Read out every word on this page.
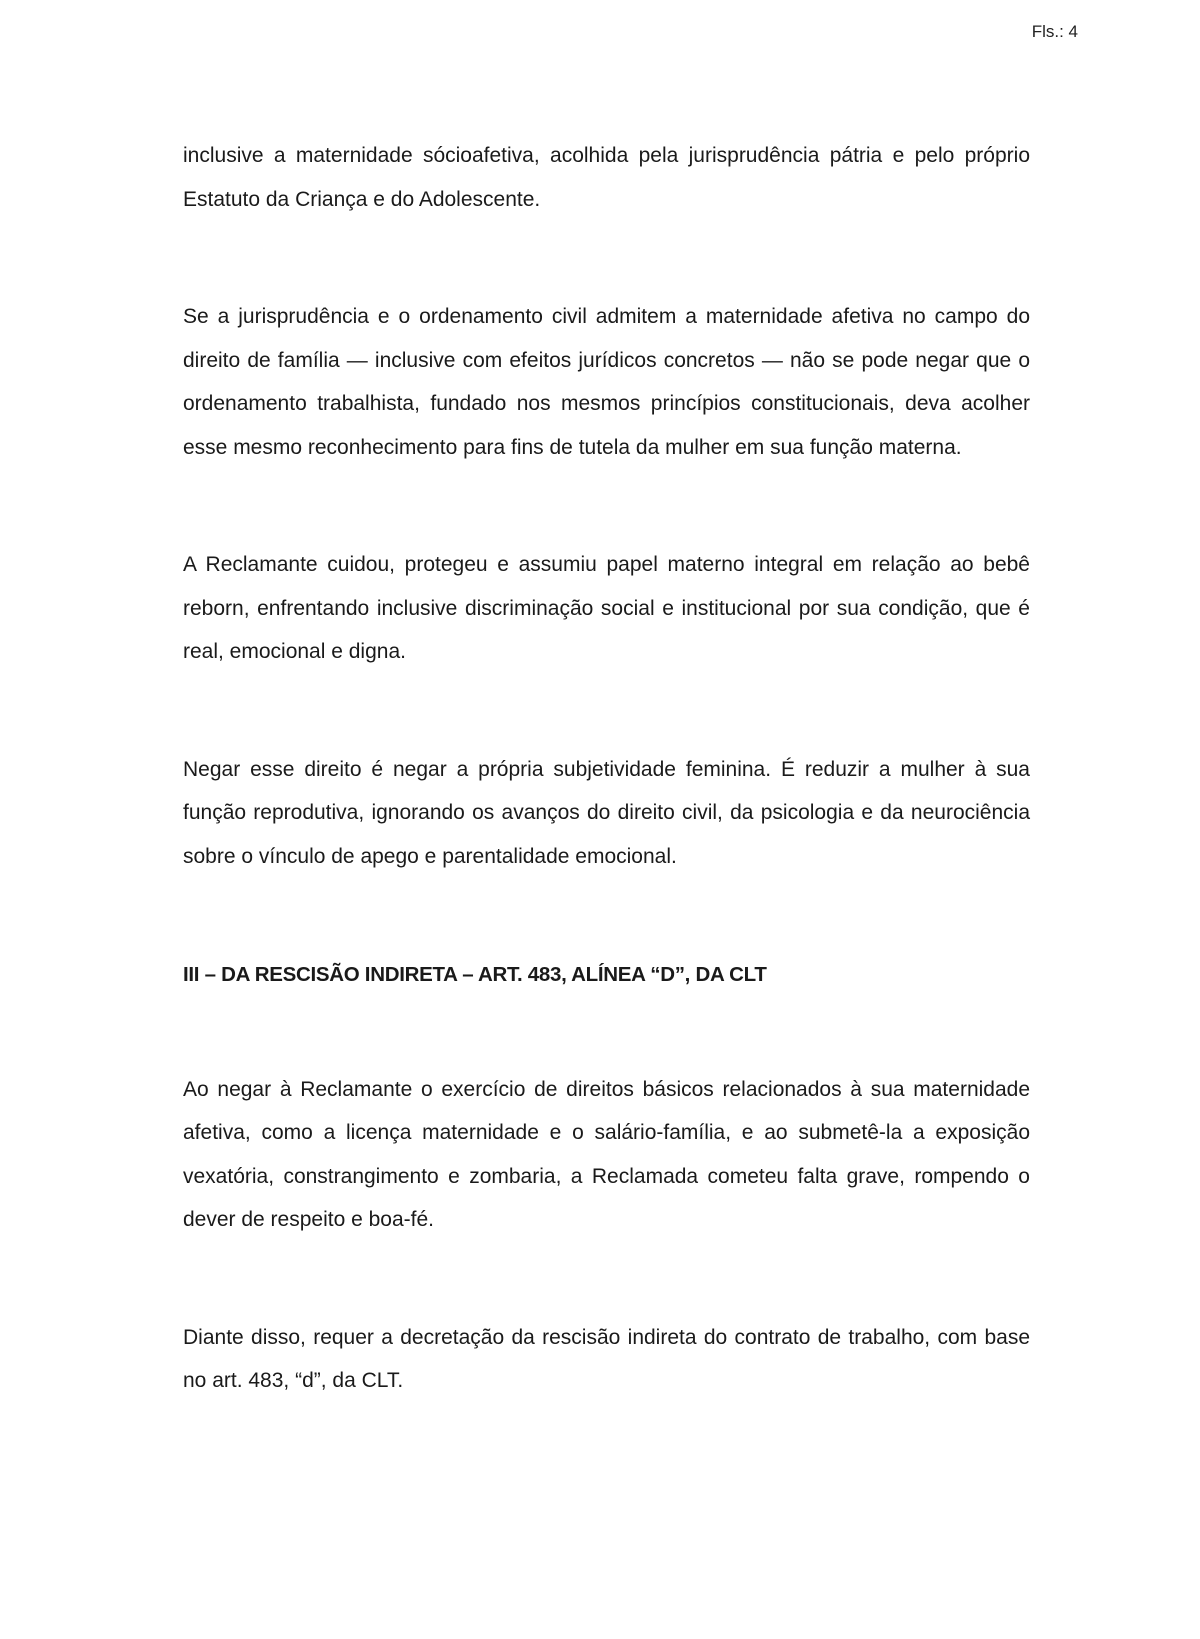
Fls.: 4

inclusive a maternidade sócioafetiva, acolhida pela jurisprudência pátria e pelo próprio Estatuto da Criança e do Adolescente.

Se a jurisprudência e o ordenamento civil admitem a maternidade afetiva no campo do direito de família — inclusive com efeitos jurídicos concretos — não se pode negar que o ordenamento trabalhista, fundado nos mesmos princípios constitucionais, deva acolher esse mesmo reconhecimento para fins de tutela da mulher em sua função materna.

A Reclamante cuidou, protegeu e assumiu papel materno integral em relação ao bebê reborn, enfrentando inclusive discriminação social e institucional por sua condição, que é real, emocional e digna.

Negar esse direito é negar a própria subjetividade feminina. É reduzir a mulher à sua função reprodutiva, ignorando os avanços do direito civil, da psicologia e da neurociência sobre o vínculo de apego e parentalidade emocional.

III – DA RESCISÃO INDIRETA – ART. 483, ALÍNEA “D”, DA CLT

Ao negar à Reclamante o exercício de direitos básicos relacionados à sua maternidade afetiva, como a licença maternidade e o salário-família, e ao submetê-la a exposição vexatória, constrangimento e zombaria, a Reclamada cometeu falta grave, rompendo o dever de respeito e boa-fé.

Diante disso, requer a decretação da rescisão indireta do contrato de trabalho, com base no art. 483, “d”, da CLT.
